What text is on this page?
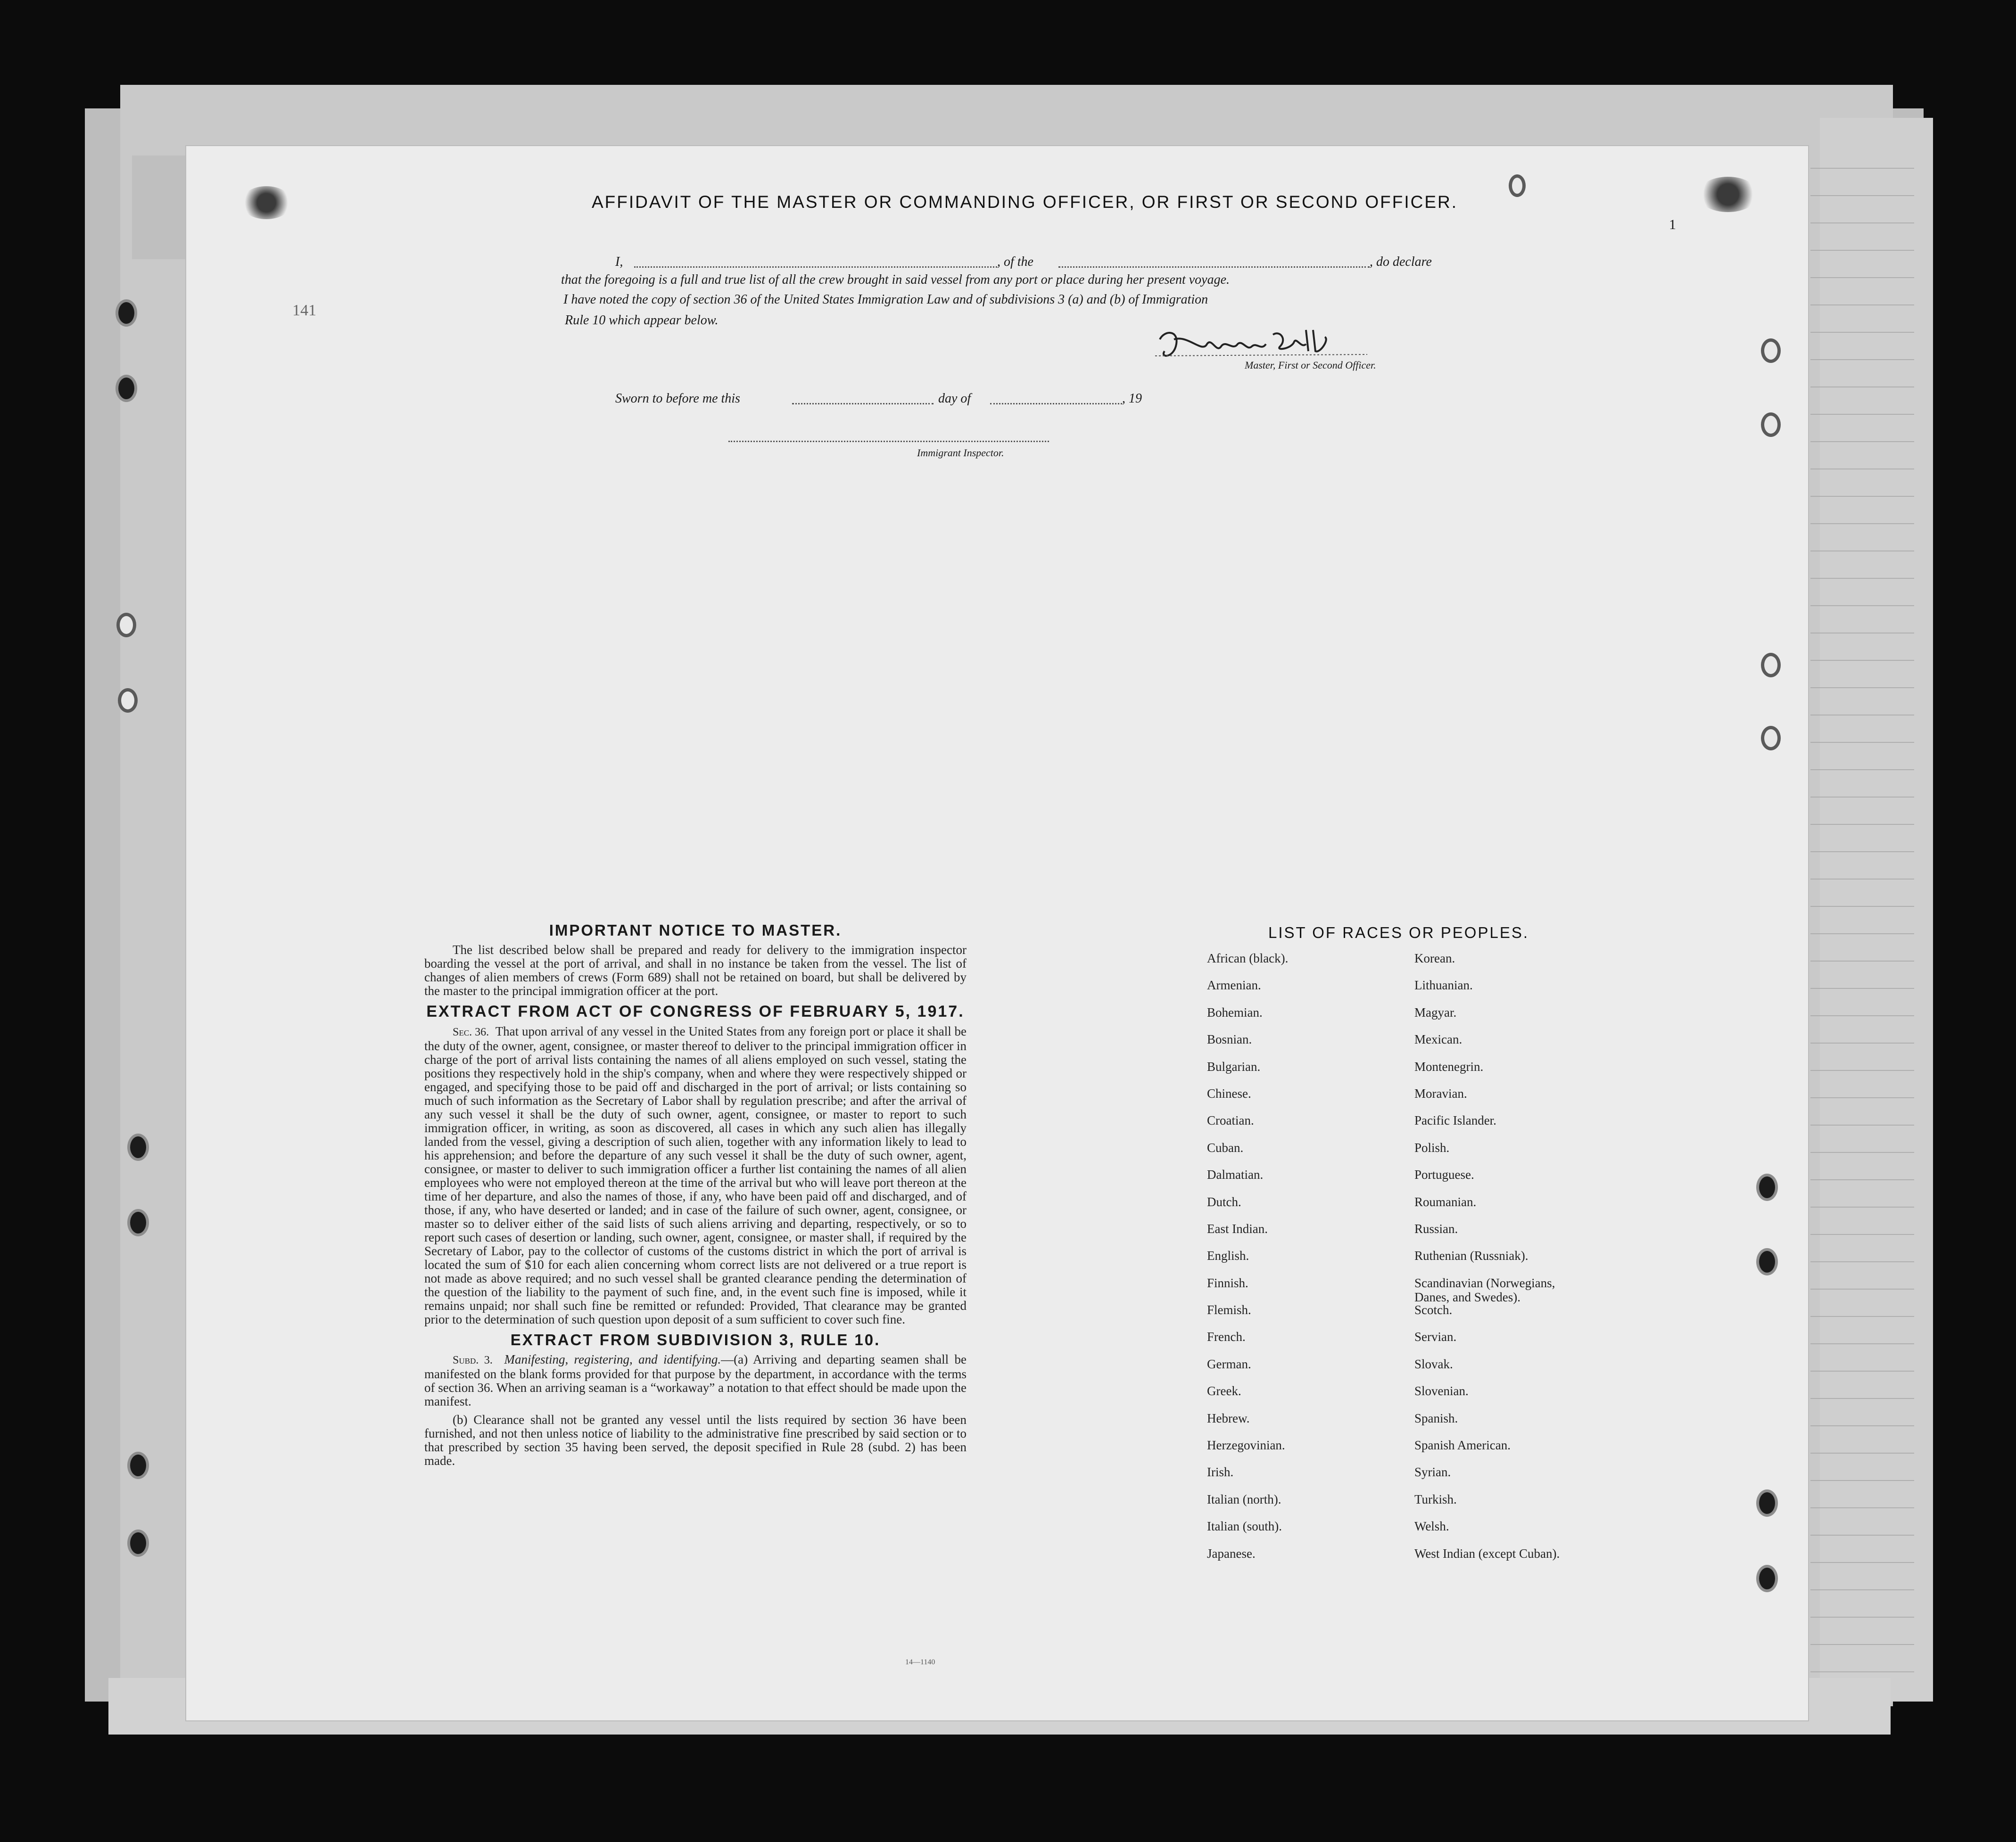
AFFIDAVIT OF THE MASTER OR COMMANDING OFFICER, OR FIRST OR SECOND OFFICER.
1
141
I,	, of the	, do declare
that the foregoing is a full and true list of all the crew brought in said vessel from any port or place during her present voyage.
I have noted the copy of section 36 of the United States Immigration Law and of subdivisions 3 (a) and (b) of Immigration
Rule 10 which appear below.
Master, First or Second Officer.
Sworn to before me this	day of	, 19
Immigrant Inspector.
IMPORTANT NOTICE TO MASTER.

The list described below shall be prepared and ready for delivery to the immigration inspector boarding the vessel at the port of arrival, and shall in no instance be taken from the vessel. The list of changes of alien members of crews (Form 689) shall not be retained on board, but shall be delivered by the master to the principal immigration officer at the port.

EXTRACT FROM ACT OF CONGRESS OF FEBRUARY 5, 1917.

Sec. 36. That upon arrival of any vessel in the United States from any foreign port or place it shall be the duty of the owner, agent, consignee, or master thereof to deliver to the principal immigration officer in charge of the port of arrival lists containing the names of all aliens employed on such vessel, stating the positions they respectively hold in the ship's company, when and where they were respectively shipped or engaged, and specifying those to be paid off and discharged in the port of arrival; or lists containing so much of such information as the Secretary of Labor shall by regulation prescribe; and after the arrival of any such vessel it shall be the duty of such owner, agent, consignee, or master to report to such immigration officer, in writing, as soon as discovered, all cases in which any such alien has illegally landed from the vessel, giving a description of such alien, together with any information likely to lead to his apprehension; and before the departure of any such vessel it shall be the duty of such owner, agent, consignee, or master to deliver to such immigration officer a further list containing the names of all alien employees who were not employed thereon at the time of the arrival but who will leave port thereon at the time of her departure, and also the names of those, if any, who have been paid off and discharged, and of those, if any, who have deserted or landed; and in case of the failure of such owner, agent, consignee, or master so to deliver either of the said lists of such aliens arriving and departing, respectively, or so to report such cases of desertion or landing, such owner, agent, consignee, or master shall, if required by the Secretary of Labor, pay to the collector of customs of the customs district in which the port of arrival is located the sum of $10 for each alien concerning whom correct lists are not delivered or a true report is not made as above required; and no such vessel shall be granted clearance pending the determination of the question of the liability to the payment of such fine, and, in the event such fine is imposed, while it remains unpaid; nor shall such fine be remitted or refunded: Provided, That clearance may be granted prior to the determination of such question upon deposit of a sum sufficient to cover such fine.

EXTRACT FROM SUBDIVISION 3, RULE 10.

Subd. 3. Manifesting, registering, and identifying.—(a) Arriving and departing seamen shall be manifested on the blank forms provided for that purpose by the department, in accordance with the terms of section 36. When an arriving seaman is a “workaway” a notation to that effect should be made upon the manifest.

(b) Clearance shall not be granted any vessel until the lists required by section 36 have been furnished, and not then unless notice of liability to the administrative fine prescribed by said section or to that prescribed by section 35 having been served, the deposit specified in Rule 28 (subd. 2) has been made.

14—1140
LIST OF RACES OR PEOPLES.
African (black).	Korean.
Armenian.	Lithuanian.
Bohemian.	Magyar.
Bosnian.	Mexican.
Bulgarian.	Montenegrin.
Chinese.	Moravian.
Croatian.	Pacific Islander.
Cuban.	Polish.
Dalmatian.	Portuguese.
Dutch.	Roumanian.
East Indian.	Russian.
English.	Ruthenian (Russniak).
Finnish.	Scandinavian (Norwegians, Danes, and Swedes).
Flemish.	Scotch.
French.	Servian.
German.	Slovak.
Greek.	Slovenian.
Hebrew.	Spanish.
Herzegovinian.	Spanish American.
Irish.	Syrian.
Italian (north).	Turkish.
Italian (south).	Welsh.
Japanese.	West Indian (except Cuban).
